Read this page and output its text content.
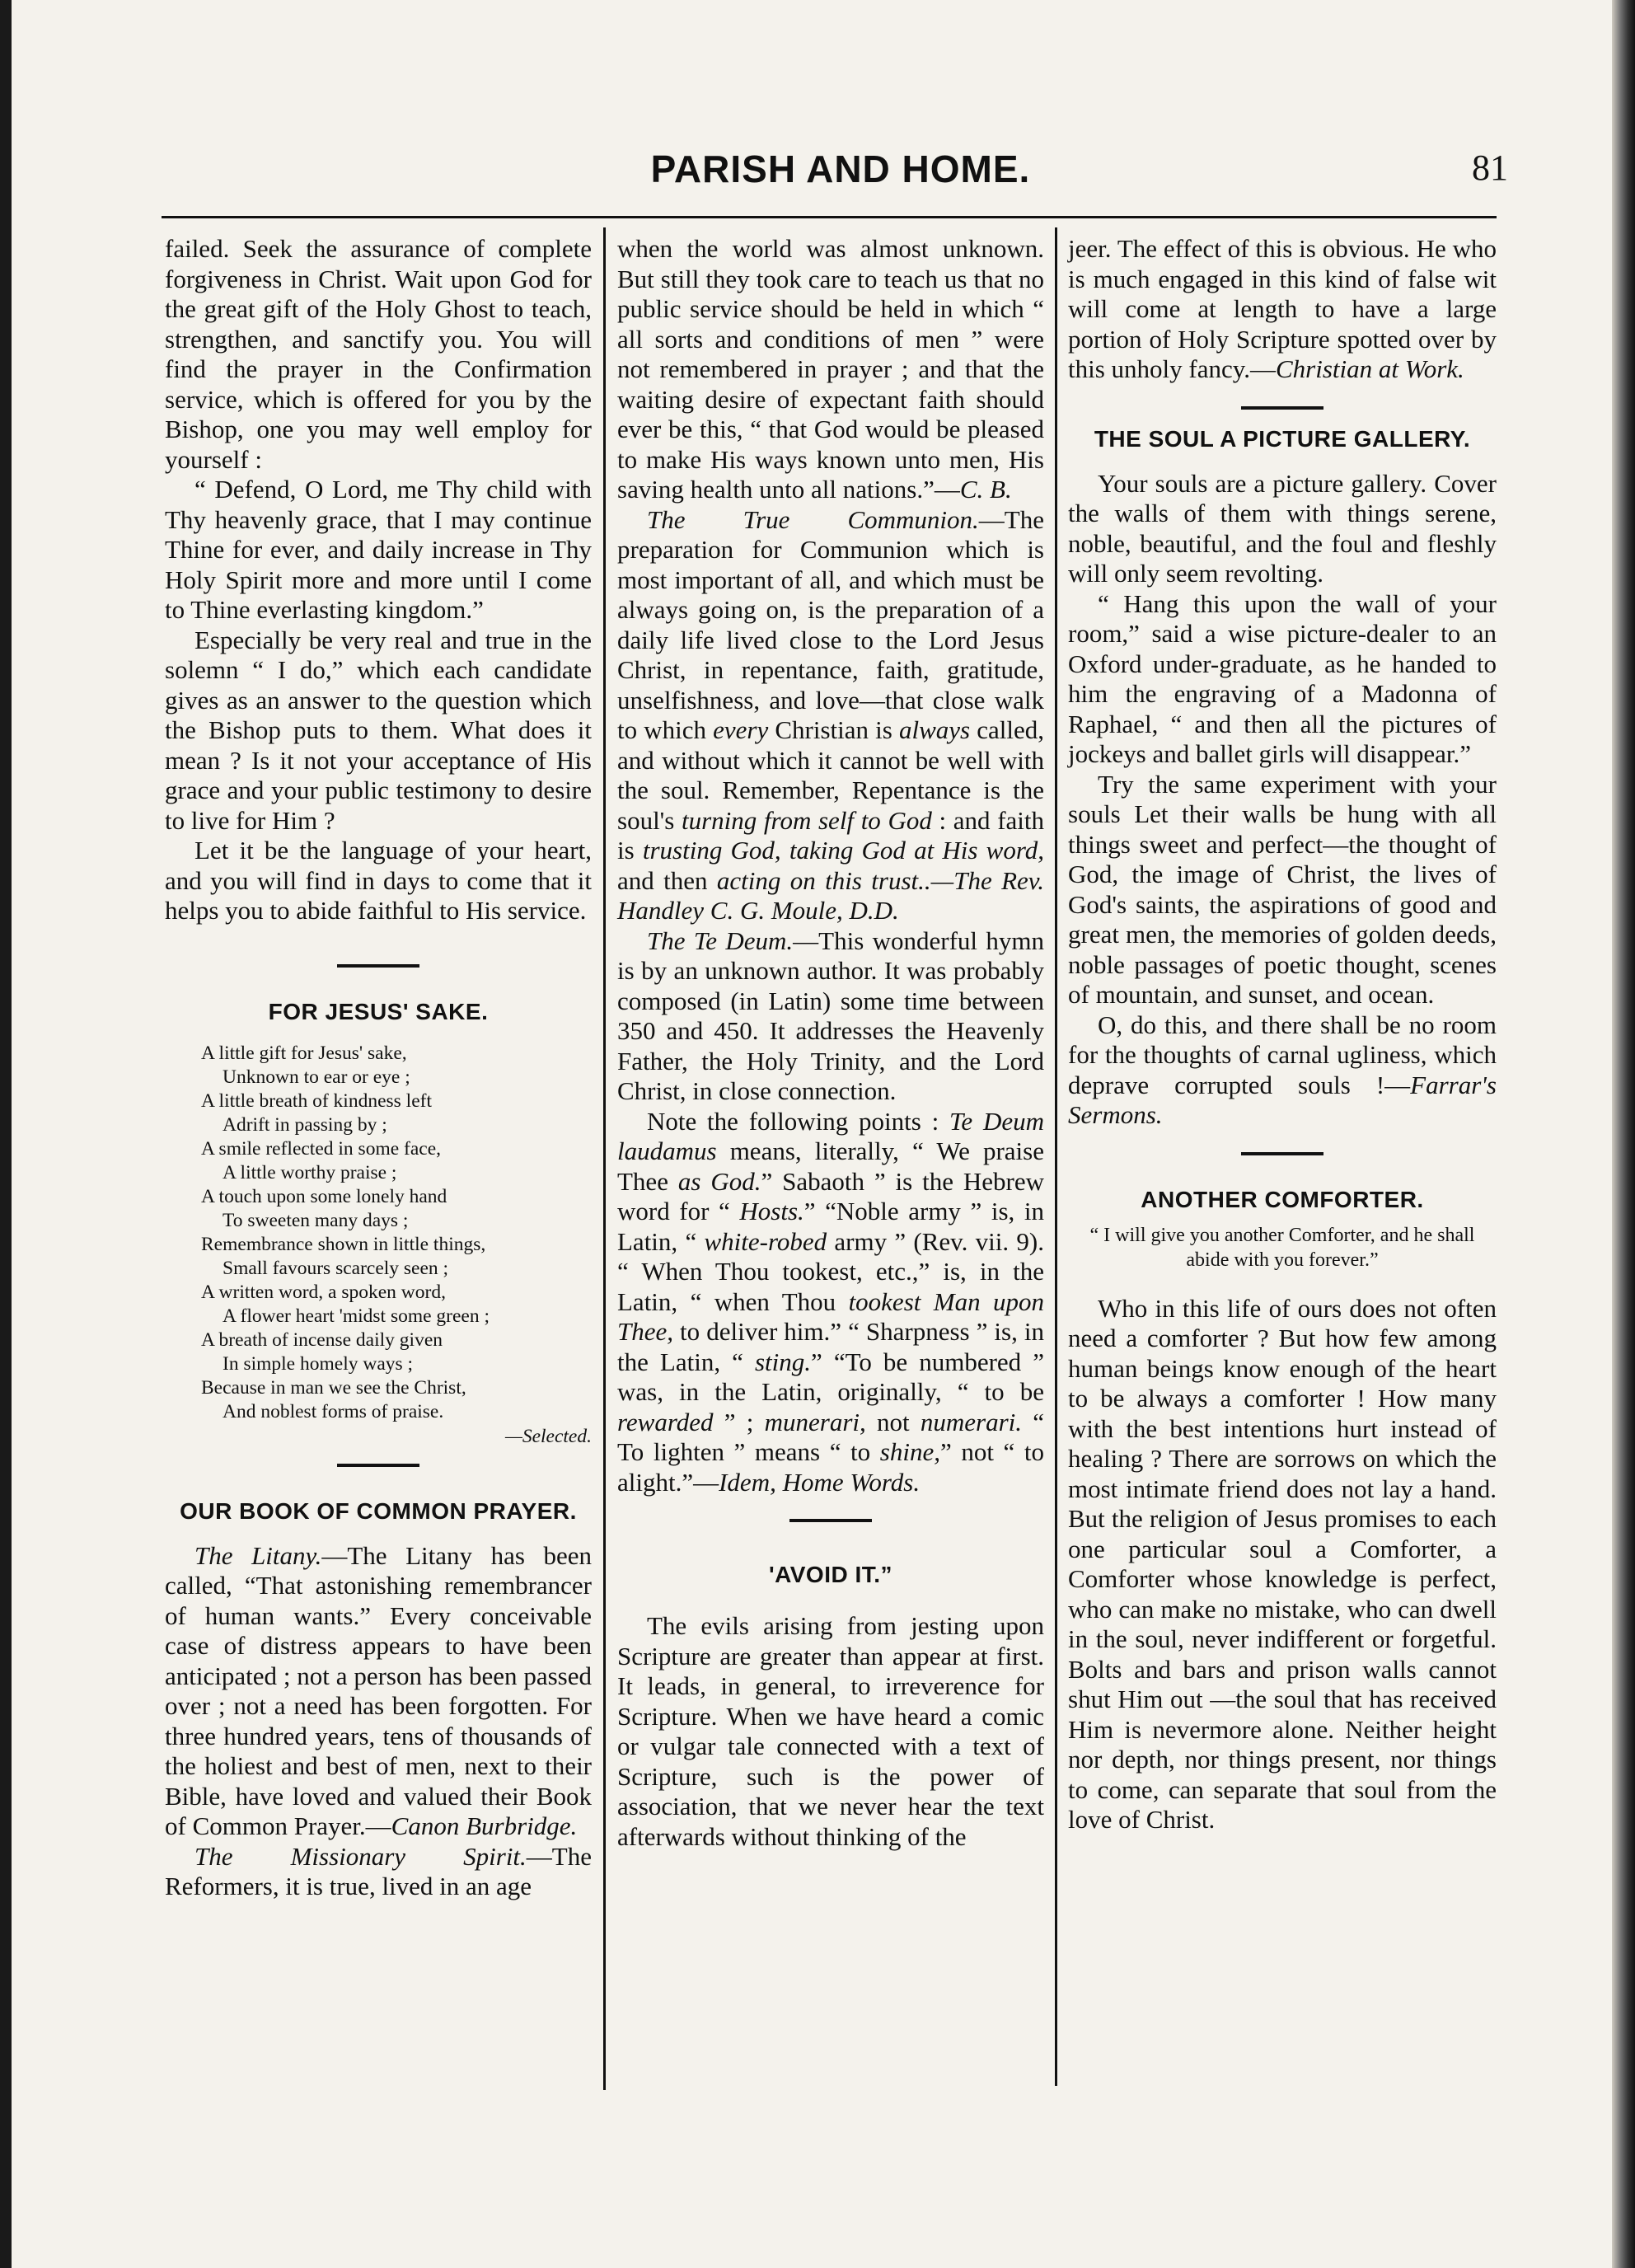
PARISH AND HOME.	81

failed. Seek the assurance of complete forgiveness in Christ. Wait upon God for the great gift of the Holy Ghost to teach, strengthen, and sanctify you. You will find the prayer in the Confirmation service, which is offered for you by the Bishop, one you may well employ for yourself :

“ Defend, O Lord, me Thy child with Thy heavenly grace, that I may continue Thine for ever, and daily increase in Thy Holy Spirit more and more until I come to Thine everlasting kingdom.”

Especially be very real and true in the solemn “ I do,” which each candidate gives as an answer to the question which the Bishop puts to them. What does it mean ? Is it not your acceptance of His grace and your public testimony to desire to live for Him ?

Let it be the language of your heart, and you will find in days to come that it helps you to abide faithful to His service.

FOR JESUS' SAKE.
A little gift for Jesus' sake,
Unknown to ear or eye ;
A little breath of kindness left
Adrift in passing by ;
A smile reflected in some face,
A little worthy praise ;
A touch upon some lonely hand
To sweeten many days ;
Remembrance shown in little things,
Small favours scarcely seen ;
A written word, a spoken word,
A flower heart 'midst some green ;
A breath of incense daily given
In simple homely ways ;
Because in man we see the Christ,
And noblest forms of praise.
—Selected.
OUR BOOK OF COMMON PRAYER.

The Litany.—The Litany has been called, “That astonishing remembrancer of human wants.” Every conceivable case of distress appears to have been anticipated ; not a person has been passed over ; not a need has been forgotten. For three hundred years, tens of thousands of the holiest and best of men, next to their Bible, have loved and valued their Book of Common Prayer.—Canon Burbridge.

The Missionary Spirit.—The Reformers, it is true, lived in an age

when the world was almost unknown. But still they took care to teach us that no public service should be held in which “ all sorts and conditions of men ” were not remembered in prayer ; and that the waiting desire of expectant faith should ever be this, “ that God would be pleased to make His ways known unto men, His saving health unto all nations.”—C. B.

The True Communion.—The preparation for Communion which is most important of all, and which must be always going on, is the preparation of a daily life lived close to the Lord Jesus Christ, in repentance, faith, gratitude, unselfishness, and love—that close walk to which every Christian is always called, and without which it cannot be well with the soul. Remember, Repentance is the soul's turning from self to God : and faith is trusting God, taking God at His word, and then acting on this trust..—The Rev. Handley C. G. Moule, D.D.

The Te Deum.—This wonderful hymn is by an unknown author. It was probably composed (in Latin) some time between 350 and 450. It addresses the Heavenly Father, the Holy Trinity, and the Lord Christ, in close connection.

Note the following points : Te Deum laudamus means, literally, “ We praise Thee as God.” Sabaoth ” is the Hebrew word for “ Hosts.” “Noble army ” is, in Latin, “ white-robed army ” (Rev. vii. 9). “ When Thou tookest, etc.,” is, in the Latin, “ when Thou tookest Man upon Thee, to deliver him.” “ Sharpness ” is, in the Latin, “ sting.” “To be numbered ” was, in the Latin, originally, “ to be rewarded ” ; munerari, not numerari. “ To lighten ” means “ to shine,” not “ to alight.”—Idem, Home Words.

'AVOID IT.”

The evils arising from jesting upon Scripture are greater than appear at first. It leads, in general, to irreverence for Scripture. When we have heard a comic or vulgar tale connected with a text of Scripture, such is the power of association, that we never hear the text afterwards without thinking of the

jeer. The effect of this is obvious. He who is much engaged in this kind of false wit will come at length to have a large portion of Holy Scripture spotted over by this unholy fancy.—Christian at Work.

THE SOUL A PICTURE GALLERY.

Your souls are a picture gallery. Cover the walls of them with things serene, noble, beautiful, and the foul and fleshly will only seem revolting.

“ Hang this upon the wall of your room,” said a wise picture-dealer to an Oxford under-graduate, as he handed to him the engraving of a Madonna of Raphael, “ and then all the pictures of jockeys and ballet girls will disappear.”

Try the same experiment with your souls Let their walls be hung with all things sweet and perfect—the thought of God, the image of Christ, the lives of God's saints, the aspirations of good and great men, the memories of golden deeds, noble passages of poetic thought, scenes of mountain, and sunset, and ocean.

O, do this, and there shall be no room for the thoughts of carnal ugliness, which deprave corrupted souls !—Farrar's Sermons.

ANOTHER COMFORTER.

“ I will give you another Comforter, and he shall abide with you forever.”

Who in this life of ours does not often need a comforter ? But how few among human beings know enough of the heart to be always a comforter ! How many with the best intentions hurt instead of healing ? There are sorrows on which the most intimate friend does not lay a hand. But the religion of Jesus promises to each one particular soul a Comforter, a Comforter whose knowledge is perfect, who can make no mistake, who can dwell in the soul, never indifferent or forgetful. Bolts and bars and prison walls cannot shut Him out —the soul that has received Him is nevermore alone. Neither height nor depth, nor things present, nor things to come, can separate that soul from the love of Christ.
